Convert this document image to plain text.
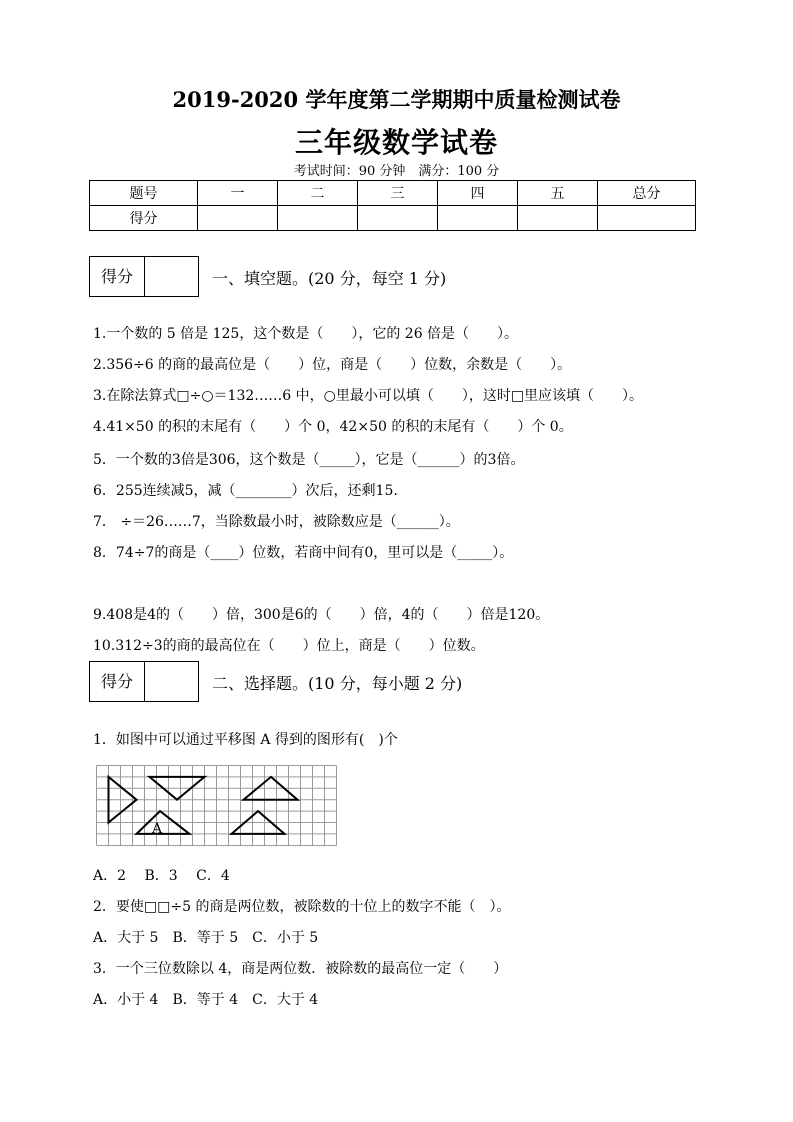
2019-2020 学年度第二学期期中质量检测试卷
三年级数学试卷
考试时间：90 分钟　满分：100 分
题号	一	二	三	四	五	总分
得分						
得分	一、填空题。(20 分，每空 1 分)
1.一个数的 5 倍是 125，这个数是（　　），它的 26 倍是（　　）。
2.356÷6 的商的最高位是（　　）位，商是（　　）位数，余数是（　　）。
3.在除法算式□÷○＝132……6 中，○里最小可以填（　　），这时□里应该填（　　）。
4.41×50 的积的末尾有（　　）个 0，42×50 的积的末尾有（　　）个 0。
5．一个数的3倍是306，这个数是（_____），它是（______）的3倍。
6．255连续减5，减（________）次后，还剩15.
7． ÷＝26……7，当除数最小时，被除数应是（______）。
8．74÷7的商是（____）位数，若商中间有0，里可以是（_____）。
9.408是4的（　　）倍，300是6的（　　）倍，4的（　　）倍是120。
10.312÷3的商的最高位在（　　）位上，商是（　　）位数。
得分	二、选择题。(10 分，每小题 2 分)
1．如图中可以通过平移图 A 得到的图形有(　)个
A
A．2　 B．3　 C．4
2．要使□□÷5 的商是两位数，被除数的十位上的数字不能（　）。
A．大于 5　B．等于 5　C．小于 5
3．一个三位数除以 4，商是两位数．被除数的最高位一定（　　）
A．小于 4　B．等于 4　C．大于 4
